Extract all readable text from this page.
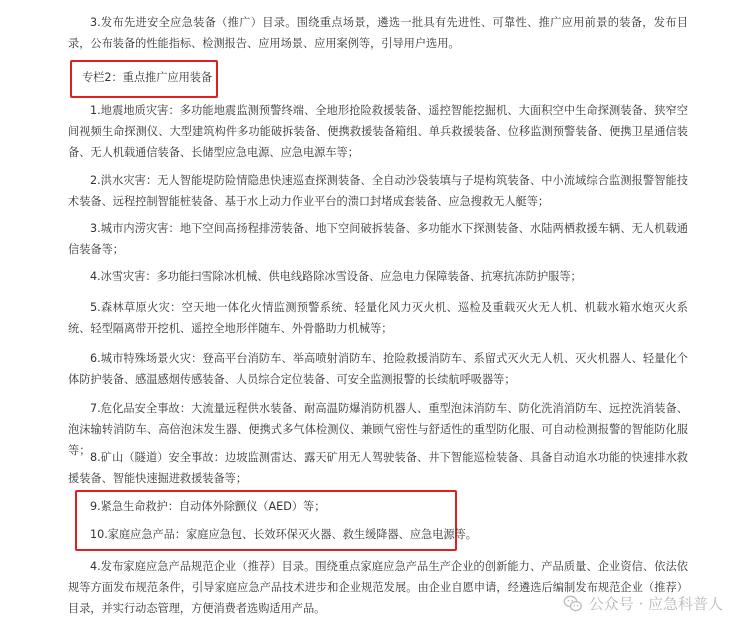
3.发布先进安全应急装备（推广）目录。围绕重点场景，遴选一批具有先进性、可靠性、推广应用前景的装备，发布目录，公布装备的性能指标、检测报告、应用场景、应用案例等，引导用户选用。

专栏2：重点推广应用装备

1.地震地质灾害：多功能地震监测预警终端、全地形抢险救援装备、遥控智能挖掘机、大面积空中生命探测装备、狭窄空间视频生命探测仪、大型建筑构件多功能破拆装备、便携救援装备箱组、单兵救援装备、位移监测预警装备、便携卫星通信装备、无人机载通信装备、长储型应急电源、应急电源车等；

2.洪水灾害：无人智能堤防险情隐患快速巡查探测装备、全自动沙袋装填与子堤构筑装备、中小流域综合监测报警智能技术装备、远程控制智能桩装备、基于水上动力作业平台的溃口封堵成套装备、应急搜救无人艇等；

3.城市内涝灾害：地下空间高扬程排涝装备、地下空间破拆装备、多功能水下探测装备、水陆两栖救援车辆、无人机载通信装备等；

4.冰雪灾害：多功能扫雪除冰机械、供电线路除冰雪设备、应急电力保障装备、抗寒抗冻防护服等；

5.森林草原火灾：空天地一体化火情监测预警系统、轻量化风力灭火机、巡检及重载灭火无人机、机载水箱水炮灭火系统、轻型隔离带开挖机、遥控全地形伴随车、外骨骼助力机械等；

6.城市特殊场景火灾：登高平台消防车、举高喷射消防车、抢险救援消防车、系留式灭火无人机、灭火机器人、轻量化个体防护装备、感温感烟传感装备、人员综合定位装备、可安全监测报警的长续航呼吸器等；

7.危化品安全事故：大流量远程供水装备、耐高温防爆消防机器人、重型泡沫消防车、防化洗消消防车、远控洗消装备、泡沫输转消防车、高倍泡沫发生器、便携式多气体检测仪、兼顾气密性与舒适性的重型防化服、可自动检测报警的智能防化服等；

8.矿山（隧道）安全事故：边坡监测雷达、露天矿用无人驾驶装备、井下智能巡检装备、具备自动追水功能的快速排水救援装备、智能快速掘进救援装备等；

9.紧急生命救护：自动体外除颤仪（AED）等；

10.家庭应急产品：家庭应急包、长效环保灭火器、救生缓降器、应急电源等。

4.发布家庭应急产品规范企业（推荐）目录。围绕重点家庭应急产品生产企业的创新能力、产品质量、企业资信、依法依规等方面发布规范条件，引导家庭应急产品技术进步和企业规范发展。由企业自愿申请，经遴选后编制发布规范企业（推荐）目录，并实行动态管理，方便消费者选购适用产品。	公众号 · 应急科普人
